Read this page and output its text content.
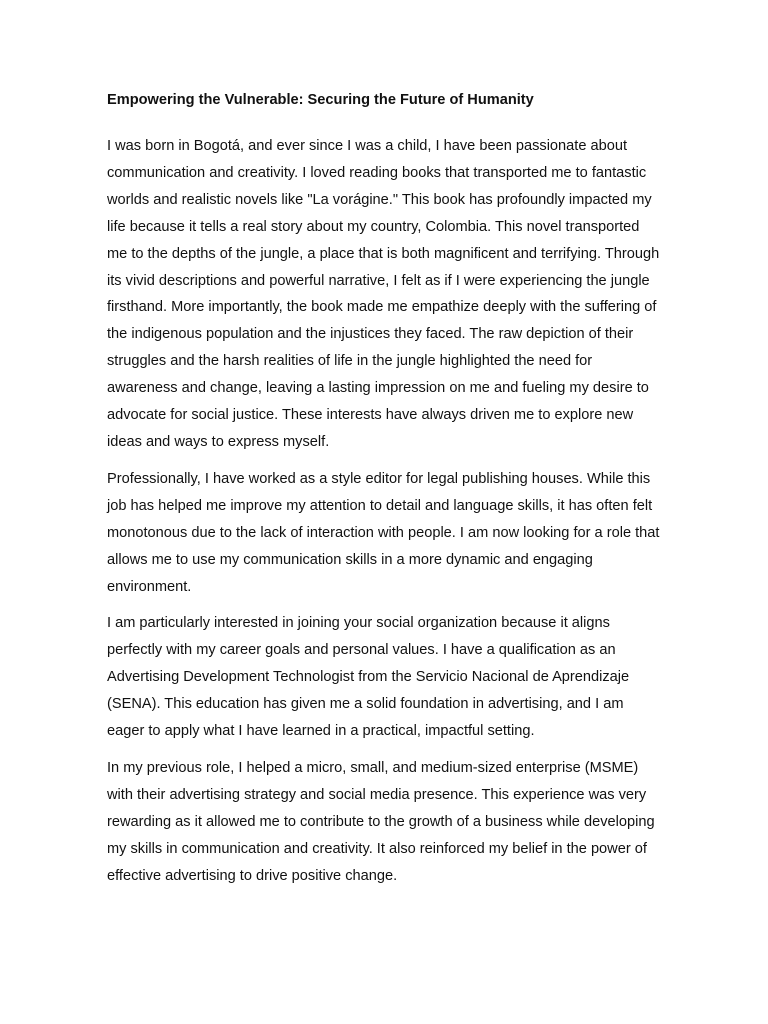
Empowering the Vulnerable: Securing the Future of Humanity

I was born in Bogotá, and ever since I was a child, I have been passionate about communication and creativity. I loved reading books that transported me to fantastic worlds and realistic novels like "La vorágine." This book has profoundly impacted my life because it tells a real story about my country, Colombia. This novel transported me to the depths of the jungle, a place that is both magnificent and terrifying. Through its vivid descriptions and powerful narrative, I felt as if I were experiencing the jungle firsthand. More importantly, the book made me empathize deeply with the suffering of the indigenous population and the injustices they faced. The raw depiction of their struggles and the harsh realities of life in the jungle highlighted the need for awareness and change, leaving a lasting impression on me and fueling my desire to advocate for social justice. These interests have always driven me to explore new ideas and ways to express myself.

Professionally, I have worked as a style editor for legal publishing houses. While this job has helped me improve my attention to detail and language skills, it has often felt monotonous due to the lack of interaction with people. I am now looking for a role that allows me to use my communication skills in a more dynamic and engaging environment.

I am particularly interested in joining your social organization because it aligns perfectly with my career goals and personal values. I have a qualification as an Advertising Development Technologist from the Servicio Nacional de Aprendizaje (SENA). This education has given me a solid foundation in advertising, and I am eager to apply what I have learned in a practical, impactful setting.

In my previous role, I helped a micro, small, and medium-sized enterprise (MSME) with their advertising strategy and social media presence. This experience was very rewarding as it allowed me to contribute to the growth of a business while developing my skills in communication and creativity. It also reinforced my belief in the power of effective advertising to drive positive change.
